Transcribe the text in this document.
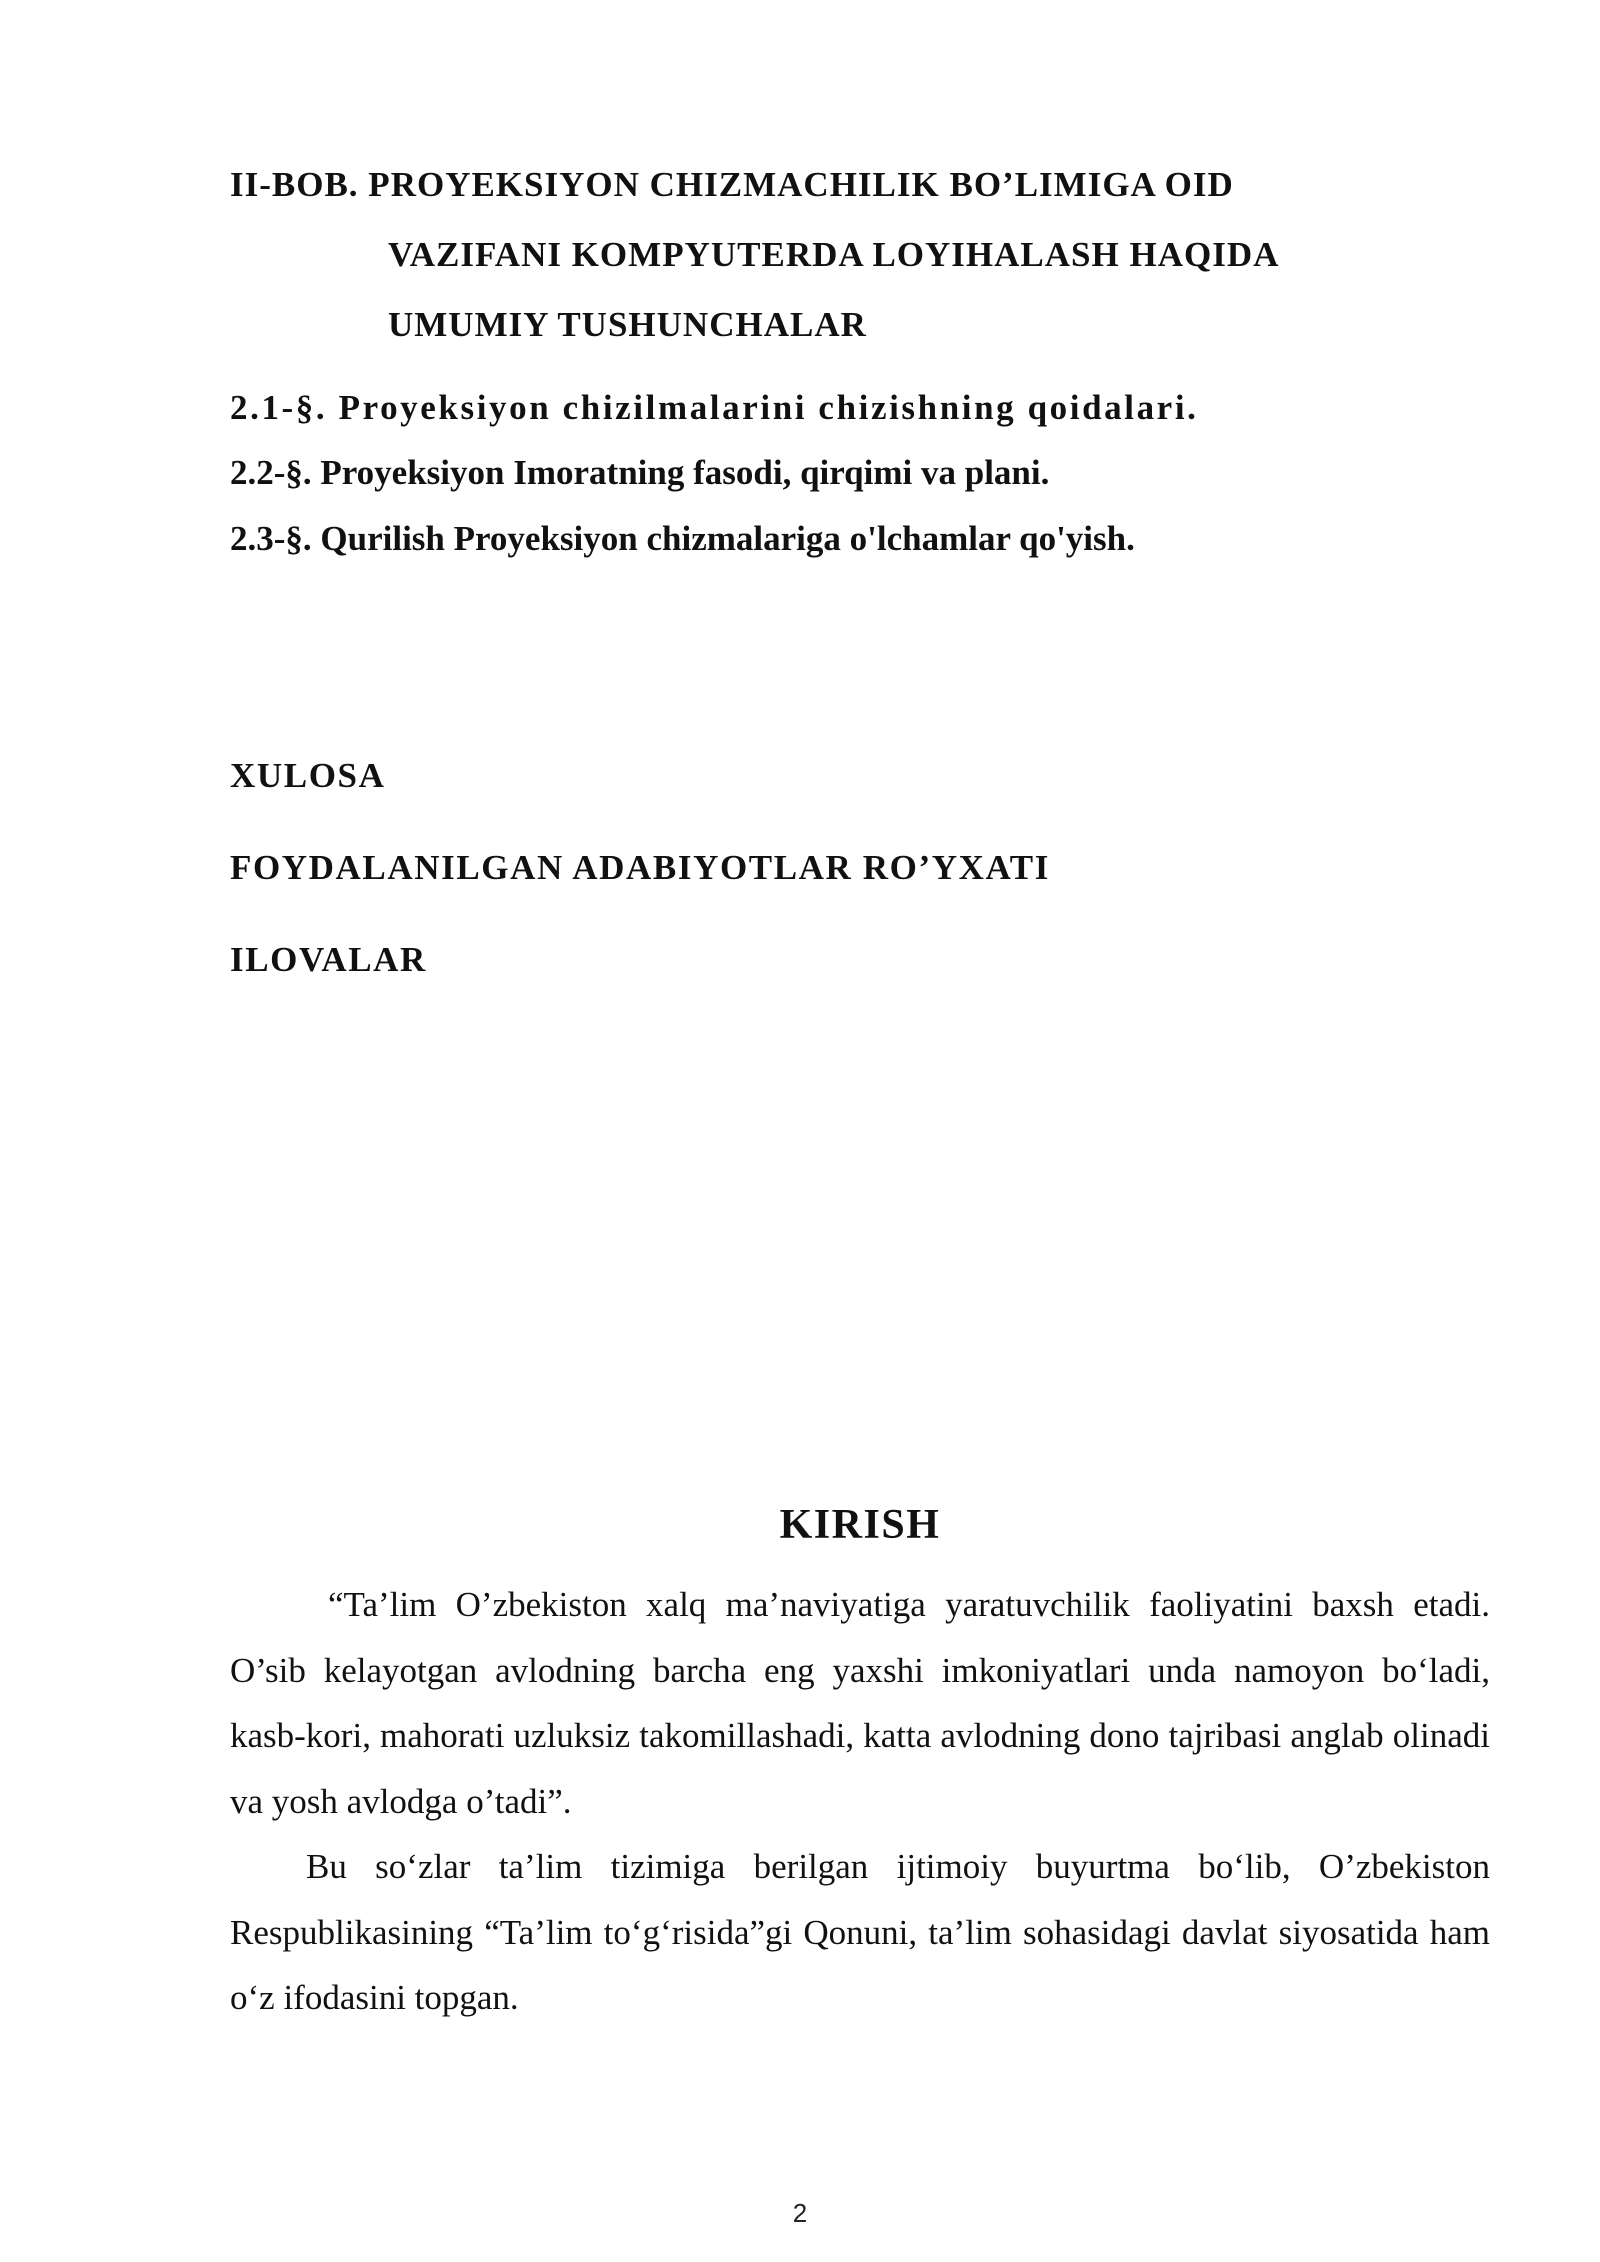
II-BOB. PROYEKSIYON CHIZMACHILIK BO’LIMIGA OID
VAZIFANI KOMPYUTERDA LOYIHALASH HAQIDA
UMUMIY TUSHUNCHALAR

2.1-§. Proyeksiyon chizilmalarini chizishning qoidalari.

2.2-§. Proyeksiyon Imoratning fasodi, qirqimi va plani.

2.3-§. Qurilish Proyeksiyon chizmalariga o'lchamlar qo'yish.

XULOSA

FOYDALANILGAN ADABIYOTLAR RO’YXATI

ILOVALAR

KIRISH

“Ta’lim O’zbekiston xalq ma’naviyatiga yaratuvchilik faoliyatini baxsh etadi. O’sib kelayotgan avlodning barcha eng yaxshi imkoniyatlari unda namoyon bo‘ladi, kasb-kori, mahorati uzluksiz takomillashadi, katta avlodning dono tajribasi anglab olinadi va yosh avlodga o’tadi”.

Bu so‘zlar ta’lim tizimiga berilgan ijtimoiy buyurtma bo‘lib, O’zbekiston Respublikasining “Ta’lim to‘g‘risida”gi Qonuni, ta’lim sohasidagi davlat siyosatida ham o‘z ifodasini topgan.

2
